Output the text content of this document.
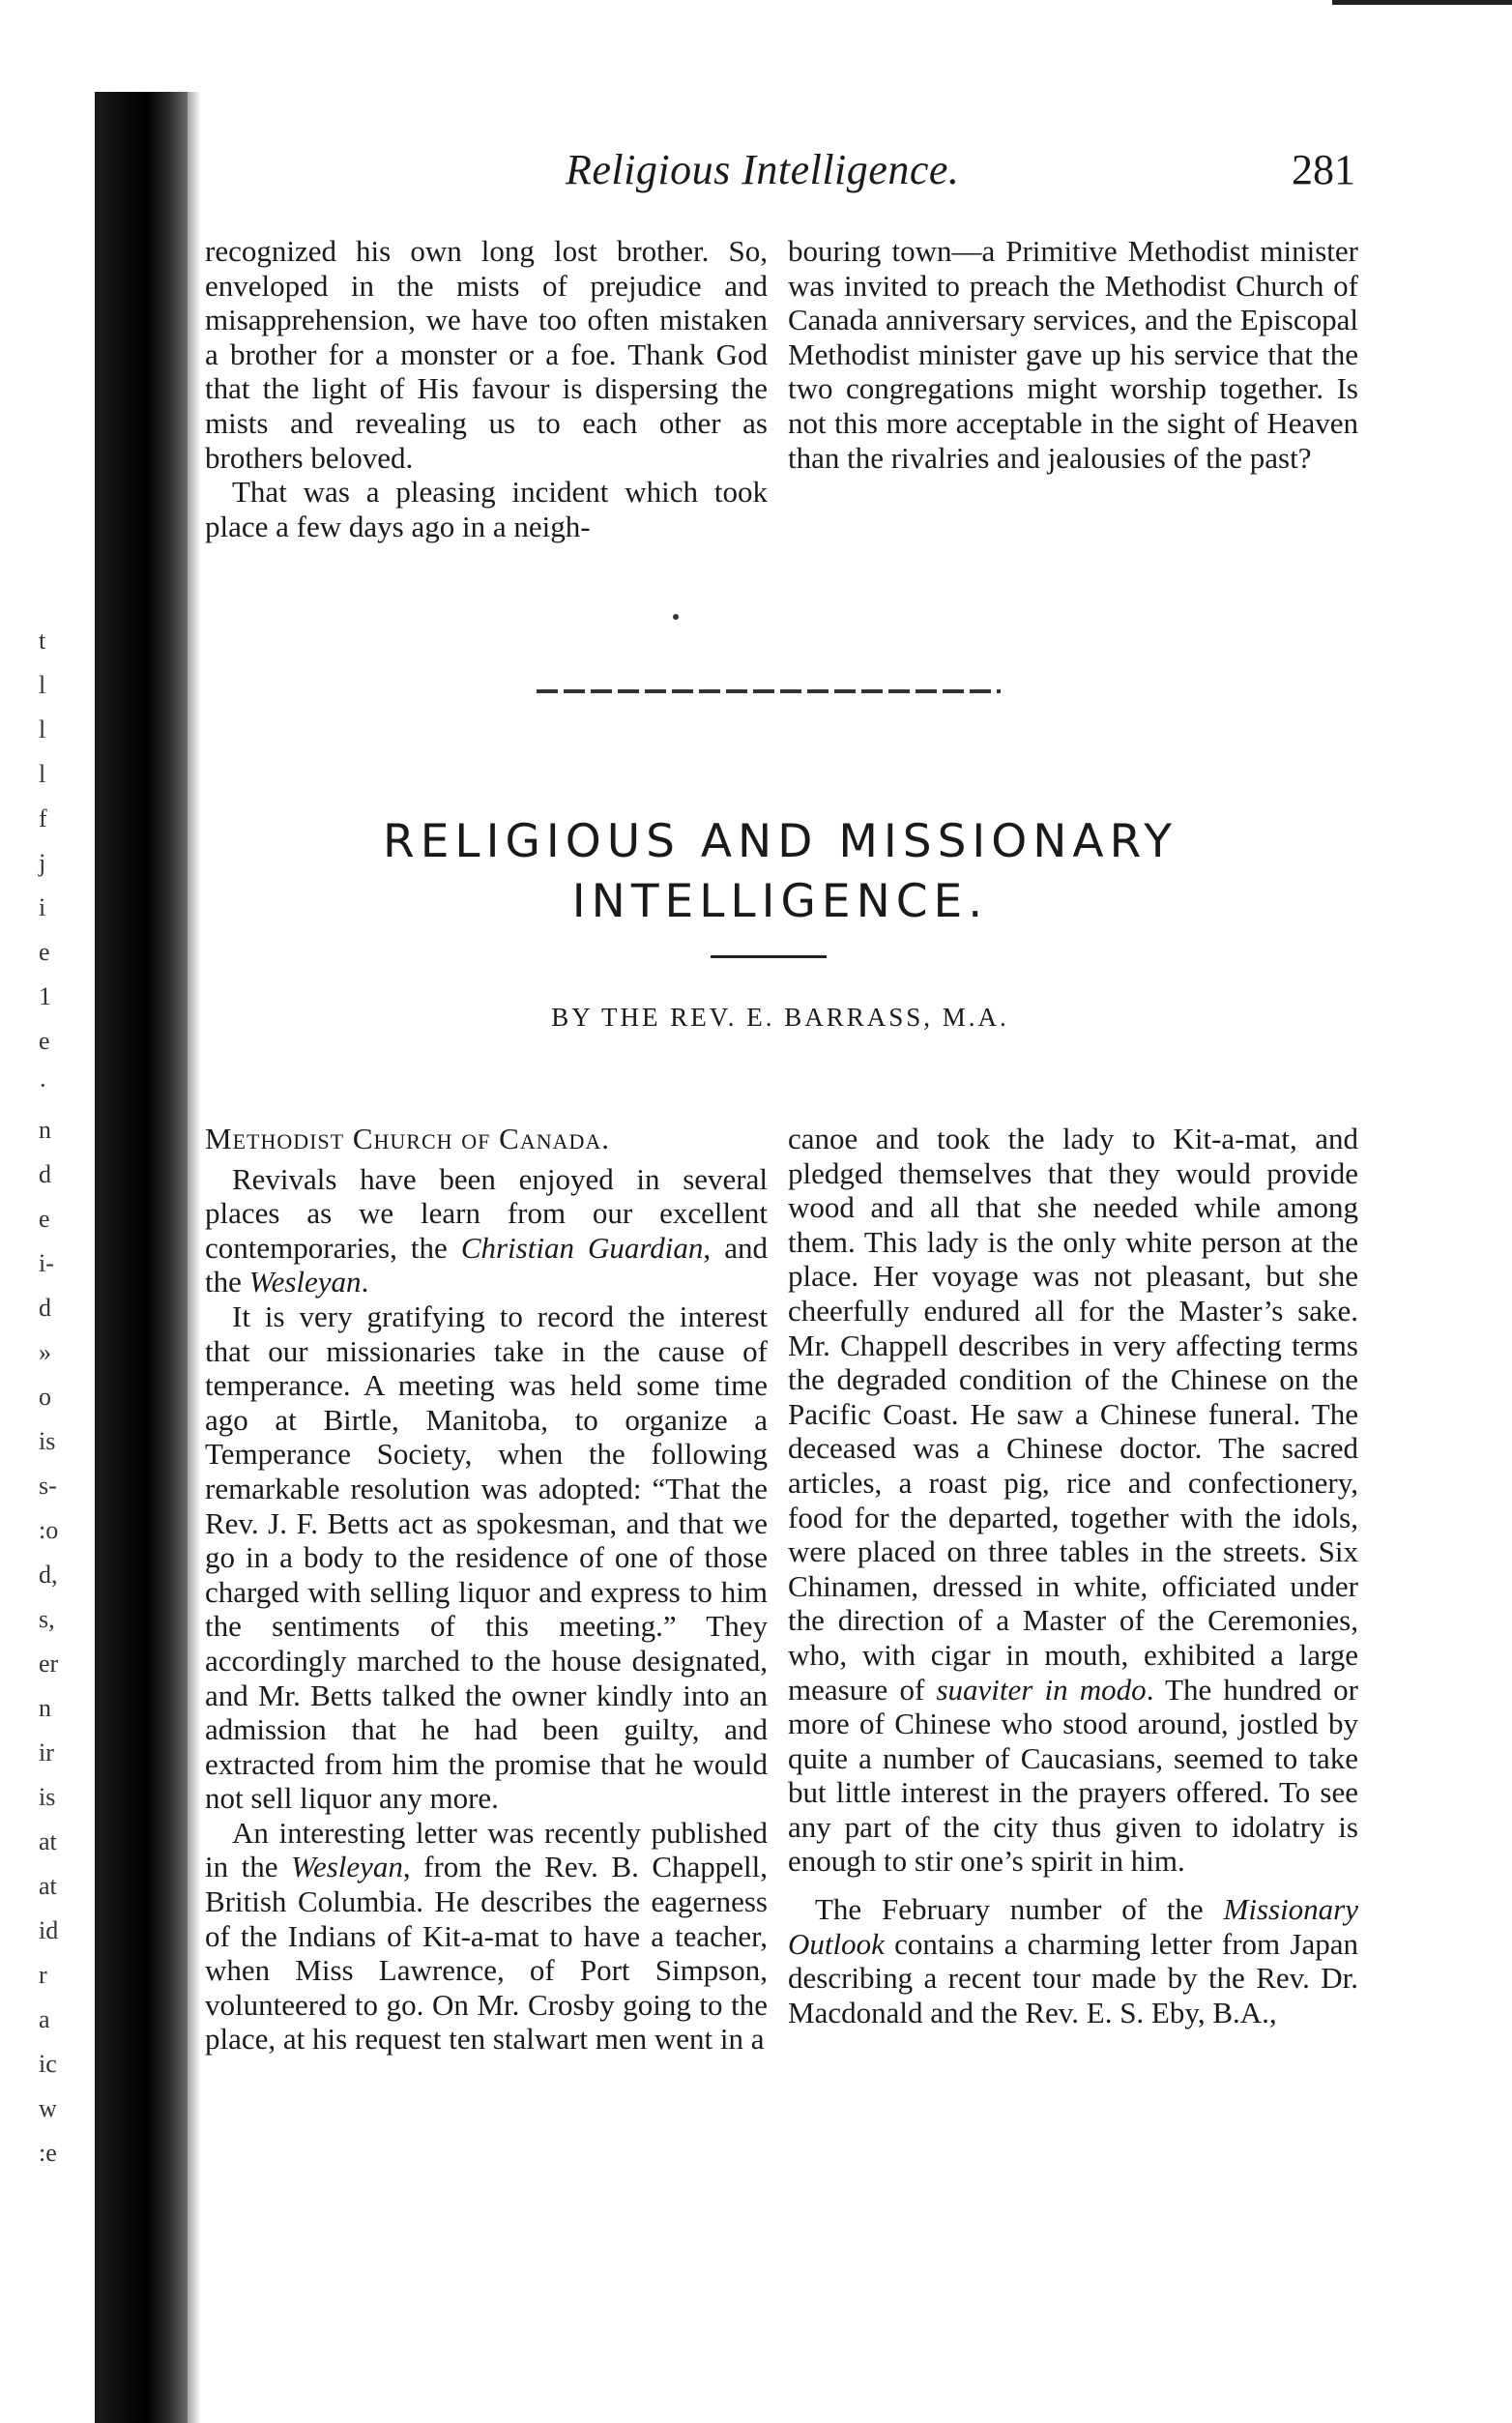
t
l
l
l
f
j
i
e
1
e
·
n
d
e
i-
d
»
o
is
s-
:o
d,
s,
er
n
ir
is
at
at
id
r
a
ic
w
:e
Religious Intelligence.	281

recognized his own long lost brother. So, enveloped in the mists of prejudice and misapprehension, we have too often mistaken a brother for a monster or a foe. Thank God that the light of His favour is dispersing the mists and revealing us to each other as brothers beloved.

That was a pleasing incident which took place a few days ago in a neigh-

bouring town—a Primitive Methodist minister was invited to preach the Methodist Church of Canada anniversary services, and the Episcopal Methodist minister gave up his service that the two congregations might worship together. Is not this more acceptable in the sight of Heaven than the rivalries and jealousies of the past?

RELIGIOUS AND MISSIONARY
INTELLIGENCE.
BY THE REV. E. BARRASS, M.A.

Methodist Church of Canada.

Revivals have been enjoyed in several places as we learn from our excellent contemporaries, the Christian Guardian, and the Wesleyan.

It is very gratifying to record the interest that our missionaries take in the cause of temperance. A meeting was held some time ago at Birtle, Manitoba, to organize a Temperance Society, when the following remarkable resolution was adopted: “That the Rev. J. F. Betts act as spokesman, and that we go in a body to the residence of one of those charged with selling liquor and express to him the sentiments of this meeting.” They accordingly marched to the house designated, and Mr. Betts talked the owner kindly into an admission that he had been guilty, and extracted from him the promise that he would not sell liquor any more.

An interesting letter was recently published in the Wesleyan, from the Rev. B. Chappell, British Columbia. He describes the eagerness of the Indians of Kit-a-mat to have a teacher, when Miss Lawrence, of Port Simpson, volunteered to go. On Mr. Crosby going to the place, at his request ten stalwart men went in a

canoe and took the lady to Kit-a-mat, and pledged themselves that they would provide wood and all that she needed while among them. This lady is the only white person at the place. Her voyage was not pleasant, but she cheerfully endured all for the Master’s sake. Mr. Chappell describes in very affecting terms the degraded condition of the Chinese on the Pacific Coast. He saw a Chinese funeral. The deceased was a Chinese doctor. The sacred articles, a roast pig, rice and confectionery, food for the departed, together with the idols, were placed on three tables in the streets. Six Chinamen, dressed in white, officiated under the direction of a Master of the Ceremonies, who, with cigar in mouth, exhibited a large measure of suaviter in modo. The hundred or more of Chinese who stood around, jostled by quite a number of Caucasians, seemed to take but little interest in the prayers offered. To see any part of the city thus given to idolatry is enough to stir one’s spirit in him.

The February number of the Missionary Outlook contains a charming letter from Japan describing a recent tour made by the Rev. Dr. Macdonald and the Rev. E. S. Eby, B.A.,
